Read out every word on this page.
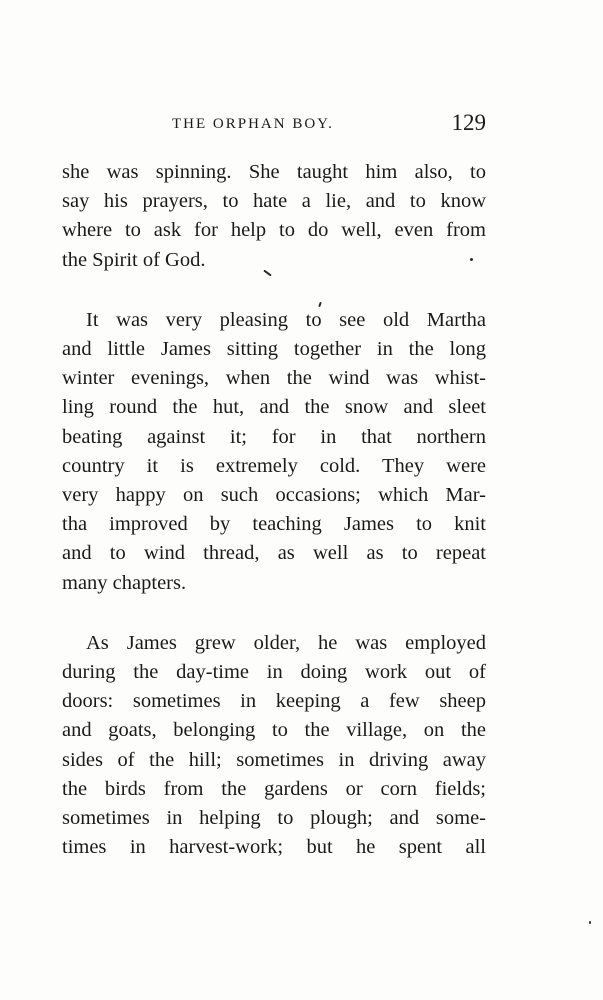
THE ORPHAN BOY.	129

she was spinning. She taught him also, to
say his prayers, to hate a lie, and to know
where to ask for help to do well, even from
the Spirit of God.

It was very pleasing to see old Martha
and little James sitting together in the long
winter evenings, when the wind was whist-
ling round the hut, and the snow and sleet
beating against it; for in that northern
country it is extremely cold. They were
very happy on such occasions; which Mar-
tha improved by teaching James to knit
and to wind thread, as well as to repeat
many chapters.

As James grew older, he was employed
during the day-time in doing work out of
doors: sometimes in keeping a few sheep
and goats, belonging to the village, on the
sides of the hill; sometimes in driving away
the birds from the gardens or corn fields;
sometimes in helping to plough; and some-
times in harvest-work; but he spent all
